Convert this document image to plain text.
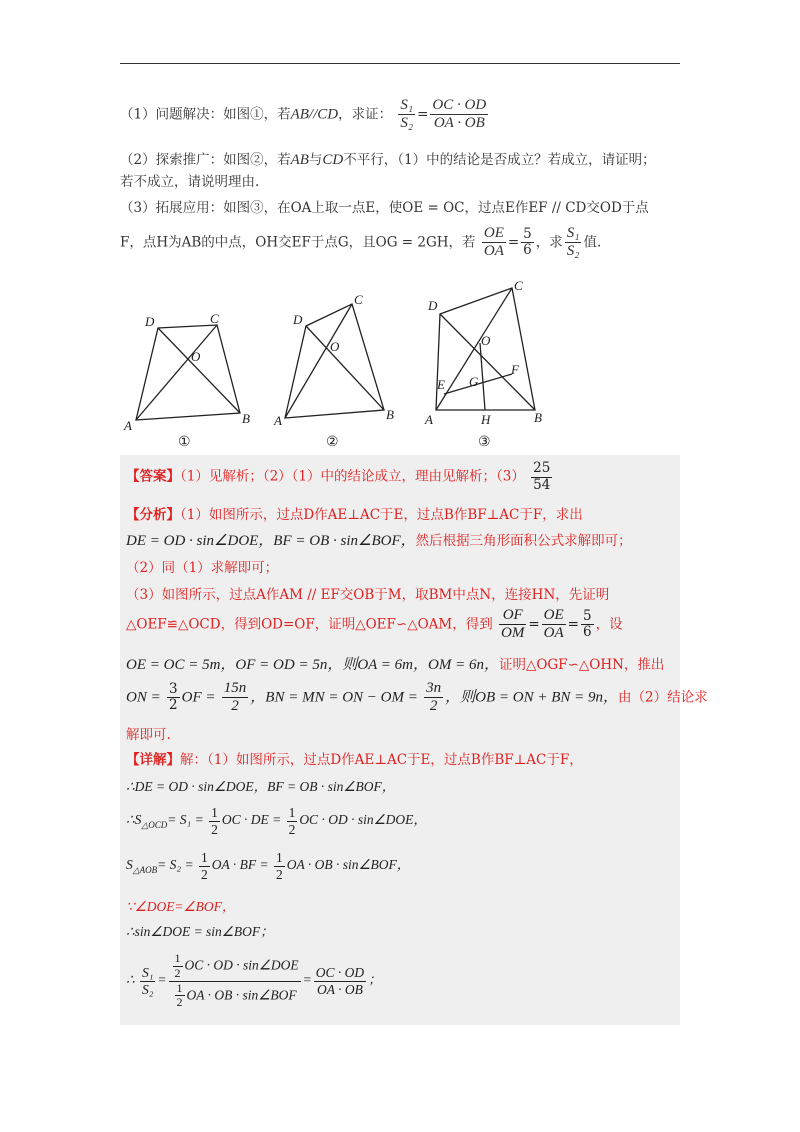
（1）问题解决：如图①，若AB//CD，求证： $\frac{\text{S₁}}{\text{S₂}} = \frac{OC \cdot OD}{OA \cdot OB}$
（2）探索推广：如图②，若AB与CD不平行，（1）中的结论是否成立？若成立，请证明；
若不成立，请说明理由.
（3）拓展应用：如图③，在OA上取一点E，使OE = OC，过点E作EF // CD交OD于点

F，点H为AB的中点，OH交EF于点G，且OG = 2GH，若 $\frac{OE}{OA} = \frac{5}{6}$ ，求 $\frac{\text{S₁}}{\text{S₂}}$ 值.
A	B
C
D
O
①
A	B
C
D
O
②
A	B
C
D
O
E
F
G
H
③
【答案】（1）见解析；（2）（1）中的结论成立，理由见解析；$(3) \frac{25}{54}$
【分析】（1）如图所示，过点D作AE⊥AC于E，过点B作BF⊥AC于F，求出
DE = OD · sin∠DOE，BF = OB · sin∠BOF，然后根据三角形面积公式求解即可；
（2）同（1）求解即可；
（3）如图所示，过点A作AM // EF交OB于M，取BM中点N，连接HN，先证明
△OEF≌△OCD，得到OD=OF，证明△OEF∽△OAM，得到 $\frac{OF}{OM} = \frac{OE}{OA} = \frac{5}{6}$ ，设
OE = OC = 5m，OF = OD = 5n，则OA = 6m，OM = 6n，证明△OGF∽△OHN，推出
ON = $\frac{3}{2}$ OF = $\frac{15n}{2}$ ，BN = MN = ON − OM = $\frac{3n}{2}$ ，则OB = ON + BN = 9n，由（2）结论求
解即可.
【详解】解：（1）如图所示，过点D作AE⊥AC于E，过点B作BF⊥AC于F，
∴DE = OD · sin∠DOE，BF = OB · sin∠BOF，
$\therefore S_{\triangle OCD}= S_1 = \frac{1}{2}$ OC · DE = $\frac{1}{2}$ OC · OD · sin∠DOE，
$S_{\triangle AOB}= S_2 = \frac{1}{2}$ OA · BF = $\frac{1}{2}$ OA · OB · sin∠BOF，
∵∠DOE=∠BOF，
∴sin∠DOE = sin∠BOF；
∴ $\frac{\text{S₁}}{\text{S₂}} = \frac{\frac{1}{2} OC \cdot OD \cdot \sin\angle DOE}{\frac{1}{2} OA \cdot OB \cdot \sin\angle BOF} = \frac{OC \cdot OD}{OA \cdot OB}$ ；
